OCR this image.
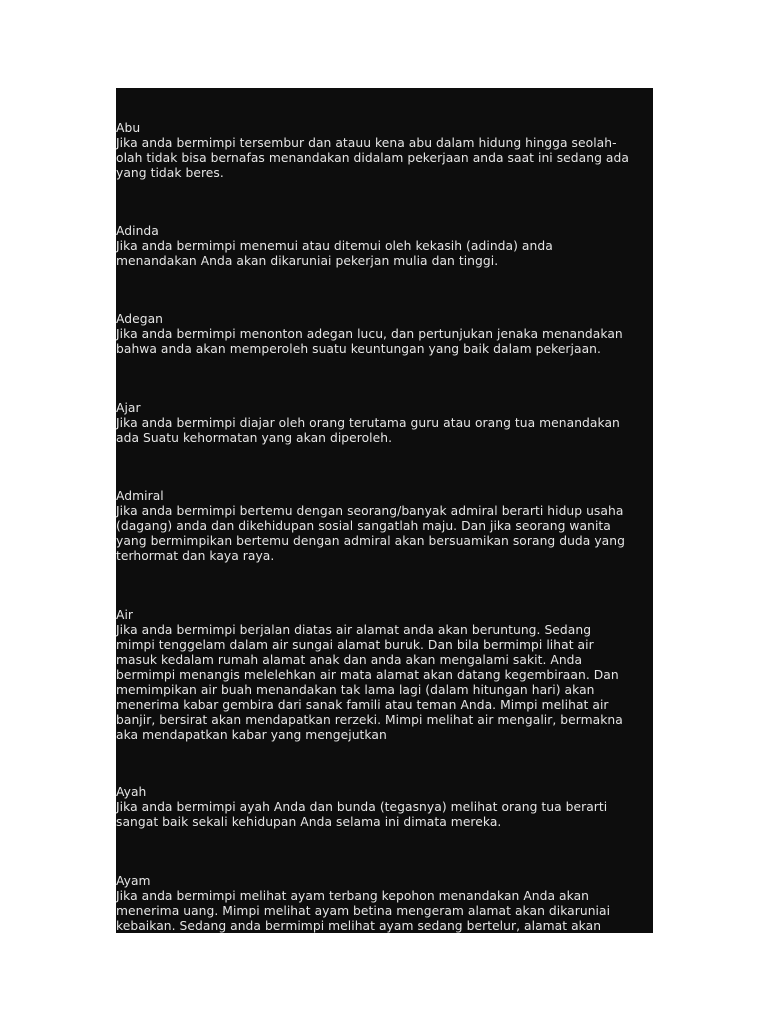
Abu
Jika anda bermimpi tersembur dan atauu kena abu dalam hidung hingga seolah-
olah tidak bisa bernafas menandakan didalam pekerjaan anda saat ini sedang ada
yang tidak beres.
Adinda
Jika anda bermimpi menemui atau ditemui oleh kekasih (adinda) anda
menandakan Anda akan dikaruniai pekerjan mulia dan tinggi.
Adegan
Jika anda bermimpi menonton adegan lucu, dan pertunjukan jenaka menandakan
bahwa anda akan memperoleh suatu keuntungan yang baik dalam pekerjaan.
Ajar
Jika anda bermimpi diajar oleh orang terutama guru atau orang tua menandakan
ada Suatu kehormatan yang akan diperoleh.
Admiral
Jika anda bermimpi bertemu dengan seorang/banyak admiral berarti hidup usaha
(dagang) anda dan dikehidupan sosial sangatlah maju. Dan jika seorang wanita
yang bermimpikan bertemu dengan admiral akan bersuamikan sorang duda yang
terhormat dan kaya raya.
Air
Jika anda bermimpi berjalan diatas air alamat anda akan beruntung. Sedang
mimpi tenggelam dalam air sungai alamat buruk. Dan bila bermimpi lihat air
masuk kedalam rumah alamat anak dan anda akan mengalami sakit. Anda
bermimpi menangis melelehkan air mata alamat akan datang kegembiraan. Dan
memimpikan air buah menandakan tak lama lagi (dalam hitungan hari) akan
menerima kabar gembira dari sanak famili atau teman Anda. Mimpi melihat air
banjir, bersirat akan mendapatkan rerzeki. Mimpi melihat air mengalir, bermakna
aka mendapatkan kabar yang mengejutkan
Ayah
Jika anda bermimpi ayah Anda dan bunda (tegasnya) melihat orang tua berarti
sangat baik sekali kehidupan Anda selama ini dimata mereka.
Ayam
Jika anda bermimpi melihat ayam terbang kepohon menandakan Anda akan
menerima uang. Mimpi melihat ayam betina mengeram alamat akan dikaruniai
kebaikan. Sedang anda bermimpi melihat ayam sedang bertelur, alamat akan
